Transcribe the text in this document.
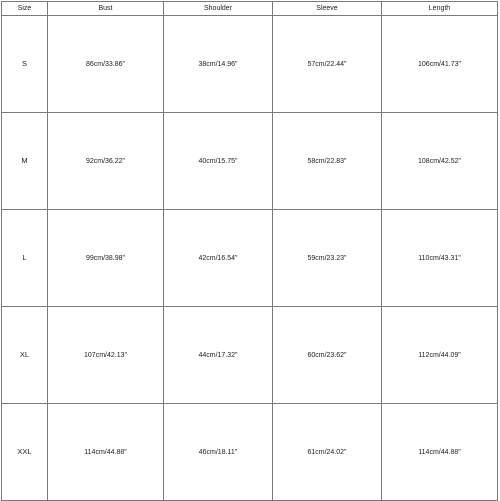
Size	Bust	Shoulder	Sleeve	Length
S	86cm/33.86"	38cm/14.96"	57cm/22.44"	106cm/41.73"
M	92cm/36.22"	40cm/15.75"	58cm/22.83"	108cm/42.52"
L	99cm/38.98"	42cm/16.54"	59cm/23.23"	110cm/43.31"
XL	107cm/42.13"	44cm/17.32"	60cm/23.62"	112cm/44.09"
XXL	114cm/44.88"	46cm/18.11"	61cm/24.02"	114cm/44.88"
